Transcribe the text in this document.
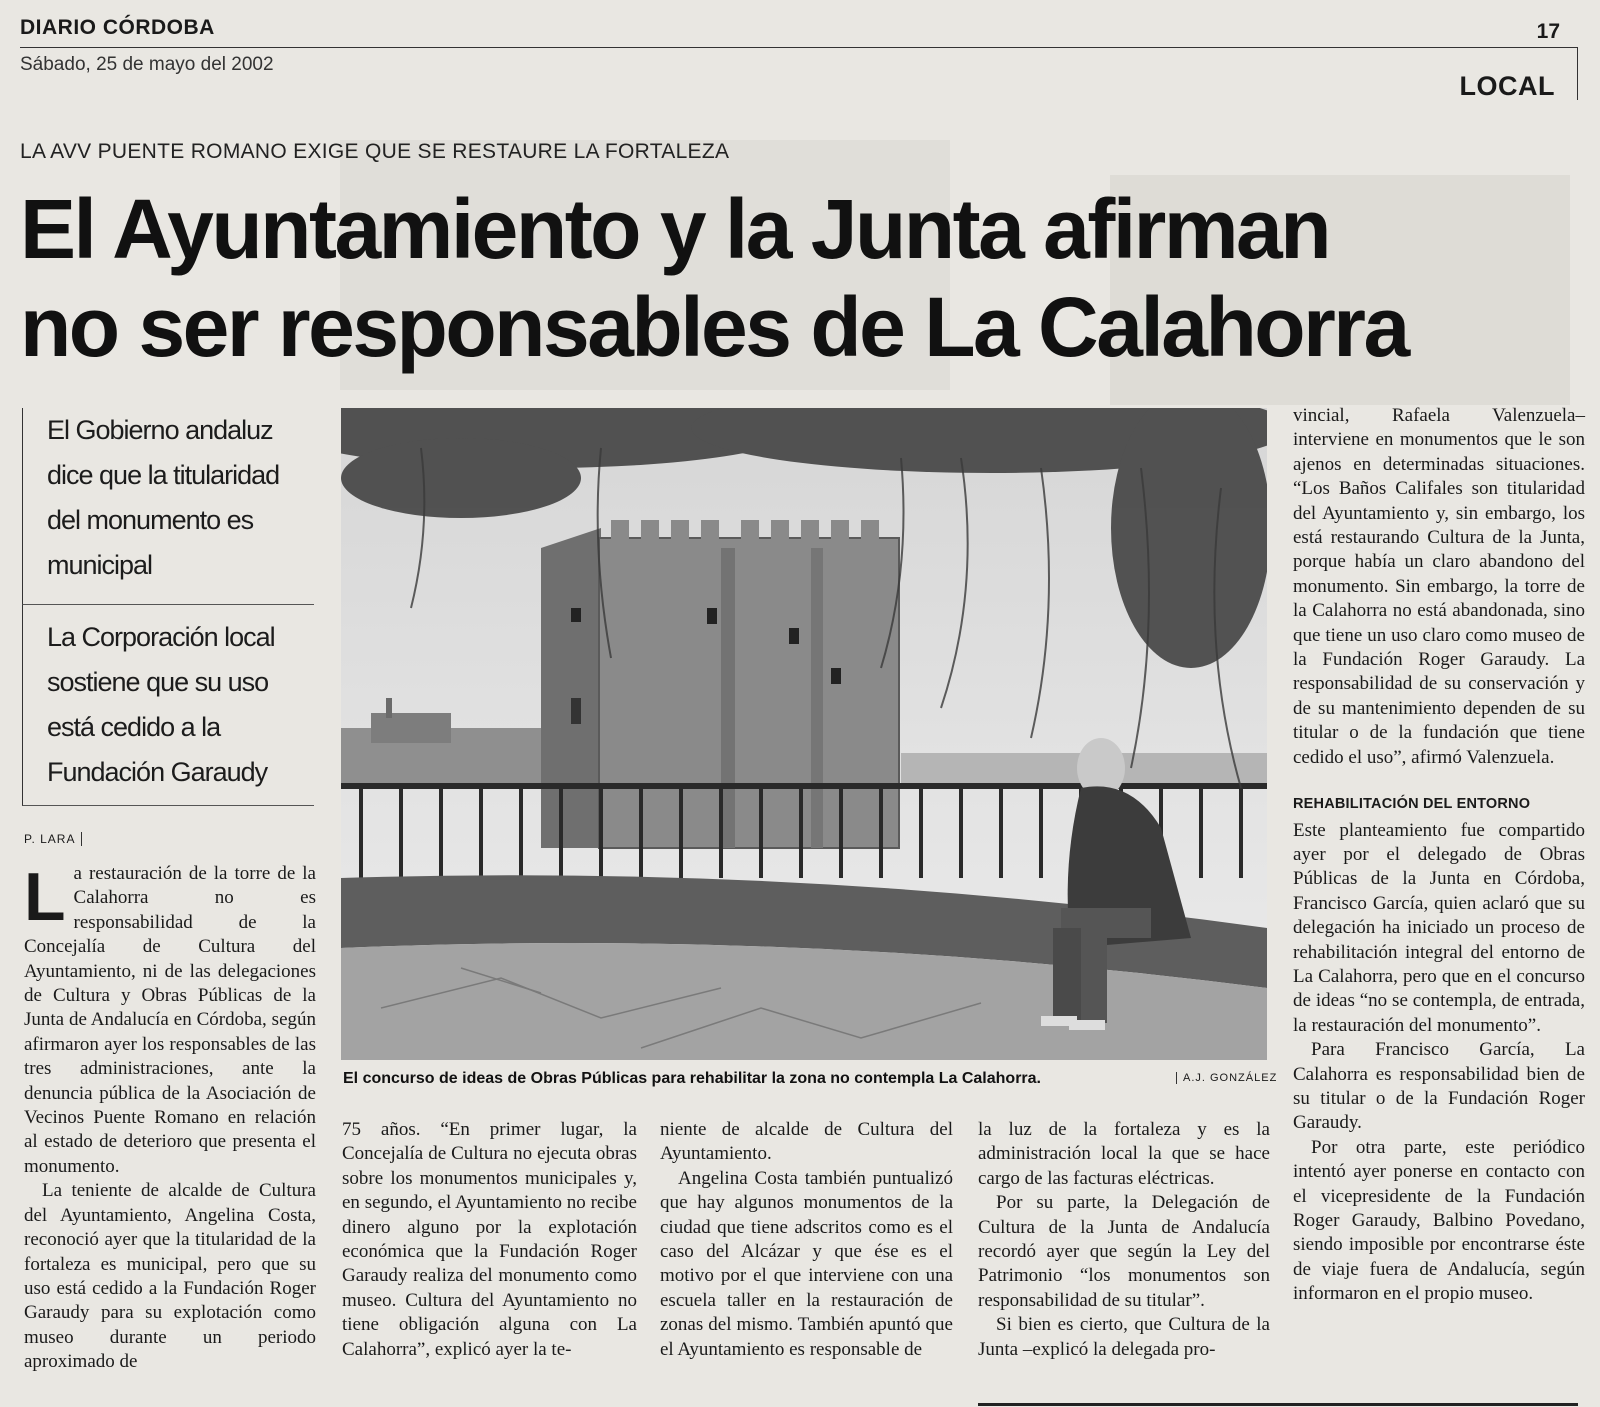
DIARIO CÓRDOBA	17
Sábado, 25 de mayo del 2002
LOCAL
LA AVV PUENTE ROMANO EXIGE QUE SE RESTAURE LA FORTALEZA
El Ayuntamiento y la Junta afirman
no ser responsables de La Calahorra
El Gobierno andaluz dice que la titularidad del monumento es municipal
La Corporación local sostiene que su uso está cedido a la Fundación Garaudy
P. LARA
El concurso de ideas de Obras Públicas para rehabilitar la zona no contempla La Calahorra.	A.J. GONZÁLEZ

La restauración de la torre de la Calahorra no es responsabilidad de la Concejalía de Cultura del Ayuntamiento, ni de las delegaciones de Cultura y Obras Públicas de la Junta de Andalucía en Córdoba, según afirmaron ayer los responsables de las tres administraciones, ante la denuncia pública de la Asociación de Vecinos Puente Romano en relación al estado de deterioro que presenta el monumento.

La teniente de alcalde de Cultura del Ayuntamiento, Angelina Costa, reconoció ayer que la titularidad de la fortaleza es municipal, pero que su uso está cedido a la Fundación Roger Garaudy para su explotación como museo durante un periodo aproximado de

75 años. “En primer lugar, la Concejalía de Cultura no ejecuta obras sobre los monumentos municipales y, en segundo, el Ayuntamiento no recibe dinero alguno por la explotación económica que la Fundación Roger Garaudy realiza del monumento como museo. Cultura del Ayuntamiento no tiene obligación alguna con La Calahorra”, explicó ayer la te-

niente de alcalde de Cultura del Ayuntamiento.

Angelina Costa también puntualizó que hay algunos monumentos de la ciudad que tiene adscritos como es el caso del Alcázar y que ése es el motivo por el que interviene con una escuela taller en la restauración de zonas del mismo. También apuntó que el Ayuntamiento es responsable de

la luz de la fortaleza y es la administración local la que se hace cargo de las facturas eléctricas.

Por su parte, la Delegación de Cultura de la Junta de Andalucía recordó ayer que según la Ley del Patrimonio “los monumentos son responsabilidad de su titular”.

Si bien es cierto, que Cultura de la Junta –explicó la delegada pro-

vincial, Rafaela Valenzuela– interviene en monumentos que le son ajenos en determinadas situaciones. “Los Baños Califales son titularidad del Ayuntamiento y, sin embargo, los está restaurando Cultura de la Junta, porque había un claro abandono del monumento. Sin embargo, la torre de la Calahorra no está abandonada, sino que tiene un uso claro como museo de la Fundación Roger Garaudy. La responsabilidad de su conservación y de su mantenimiento dependen de su titular o de la fundación que tiene cedido el uso”, afirmó Valenzuela.

REHABILITACIÓN DEL ENTORNO

Este planteamiento fue compartido ayer por el delegado de Obras Públicas de la Junta en Córdoba, Francisco García, quien aclaró que su delegación ha iniciado un proceso de rehabilitación integral del entorno de La Calahorra, pero que en el concurso de ideas “no se contempla, de entrada, la restauración del monumento”.

Para Francisco García, La Calahorra es responsabilidad bien de su titular o de la Fundación Roger Garaudy.

Por otra parte, este periódico intentó ayer ponerse en contacto con el vicepresidente de la Fundación Roger Garaudy, Balbino Povedano, siendo imposible por encontrarse éste de viaje fuera de Andalucía, según informaron en el propio museo.
